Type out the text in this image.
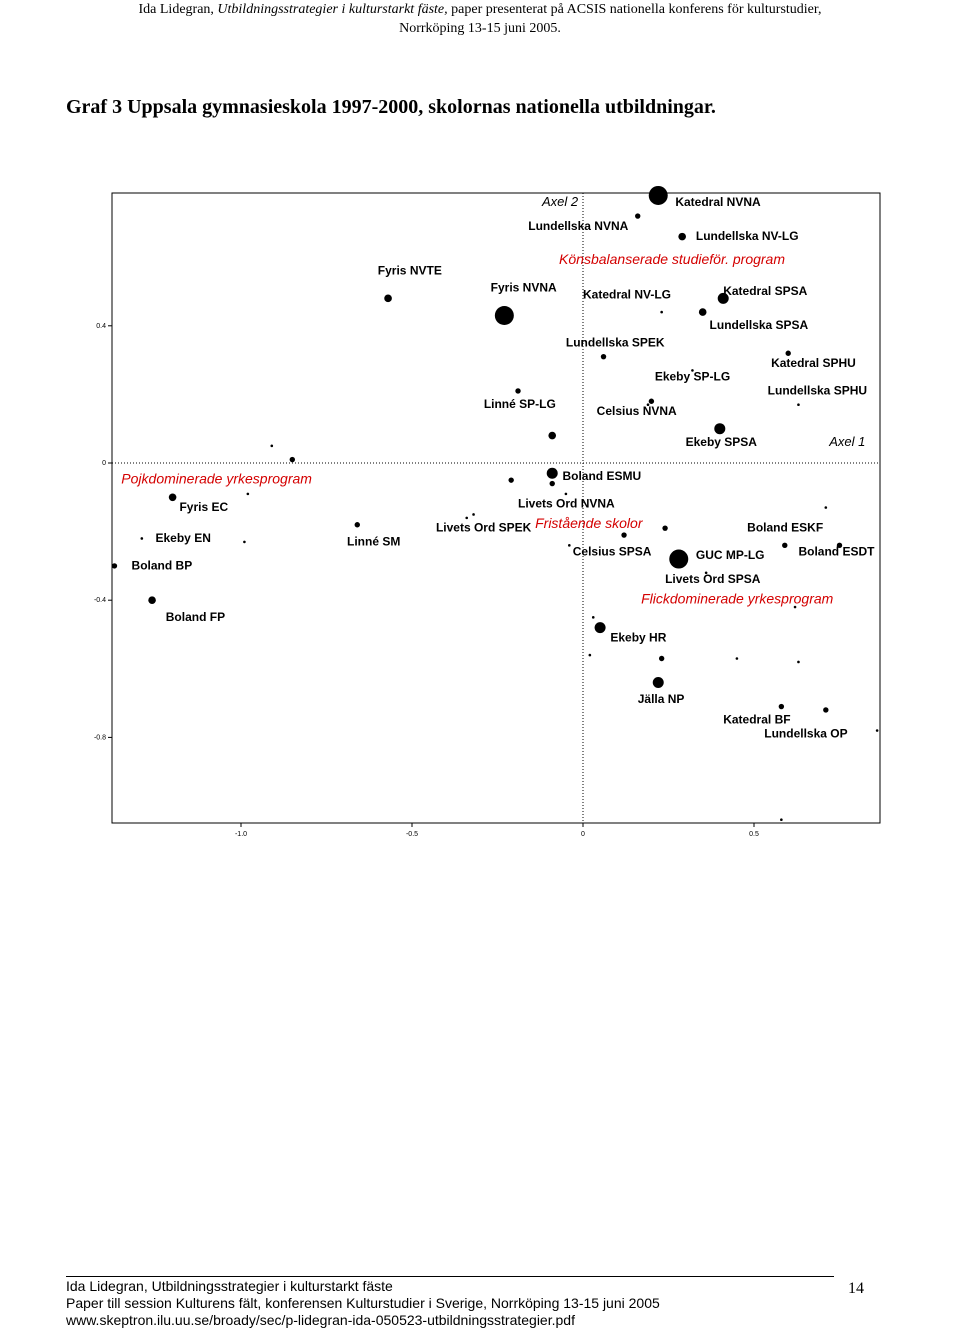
Ida Lidegran, Utbildningsstrategier i kulturstarkt fäste, paper presenterat på ACSIS nationella konferens för kulturstudier,
Norrköping 13-15 juni 2005.
Graf 3 Uppsala gymnasieskola 1997-2000, skolornas nationella utbildningar.
-1.0	-0.5	0	0.5
0.4
0
-0.4
-0.8
Katedral NVNA
Lundellska NVNA
Lundellska NV-LG
Fyris NVTE
Fyris NVNA Katedral NV-LG	Katedral SPSA
Lundellska SPSA
Lundellska SPEK
Katedral SPHU
Ekeby SP-LG
Lundellska SPHU
Linné SP-LG	Celsius NVNA
Ekeby SPSA
Boland ESMU
Fyris EC	Livets Ord NVNA
Livets Ord SPEK
Ekeby EN	Linné SM
Celsius SPSA
Boland ESKF
Boland ESDT
GUC MP-LG
Boland BP
Livets Ord SPSA
Boland FP
Ekeby HR
Jälla NP
Katedral BF
Lundellska OP
Axel 2
Axel 1
Könsbalanserade studieför. program
Pojkdominerade yrkesprogram
Fristående skolor
Flickdominerade yrkesprogram
Ida Lidegran, Utbildningsstrategier i kulturstarkt fäste
Paper till session Kulturens fält, konferensen Kulturstudier i Sverige, Norrköping 13-15 juni 2005
www.skeptron.ilu.uu.se/broady/sec/p-lidegran-ida-050523-utbildningsstrategier.pdf
14
